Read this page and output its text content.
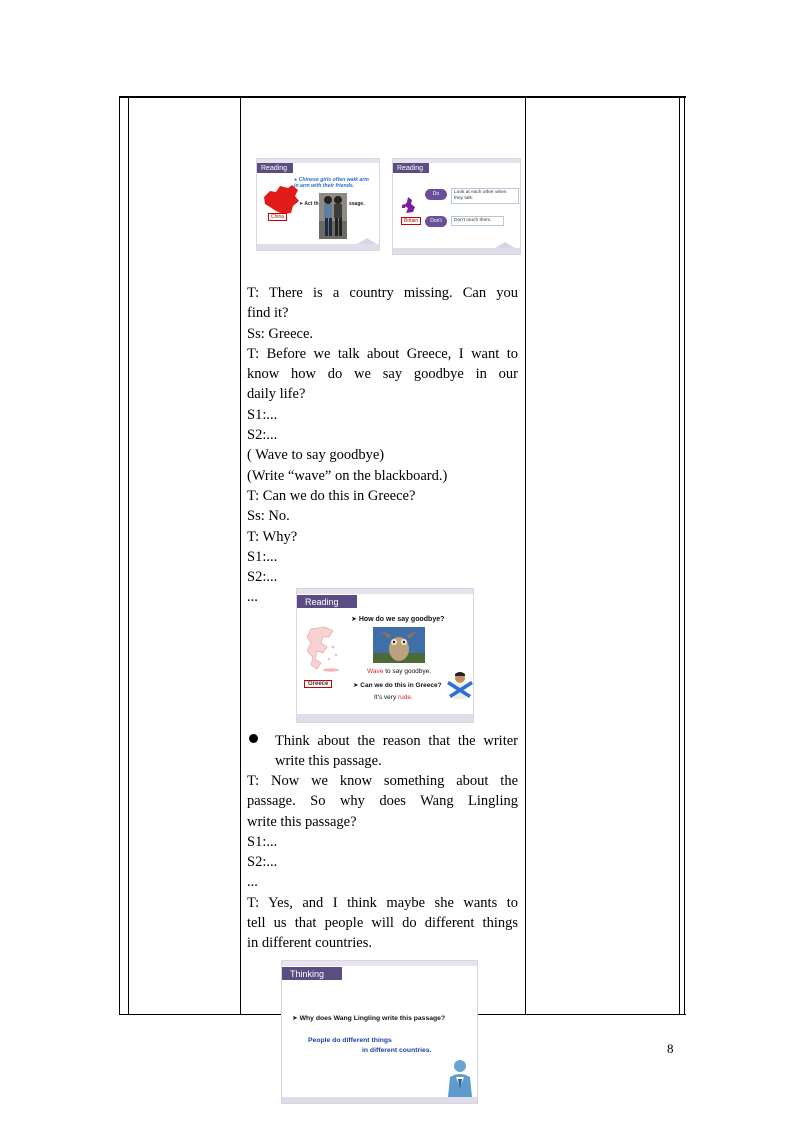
Reading
China
● Chinese girls often walk arm
in arm with their friends.
➤ Act th	ssage.
Reading
Britain
Do	Look at each other when they talk.
Don't	Don't touch them.

T: There is a country missing. Can you

find it?

Ss: Greece.

T: Before we talk about Greece, I want to

know how do we say goodbye in our

daily life?

S1:...

S2:...

( Wave to say goodbye)

(Write “wave” on the blackboard.)

T: Can we do this in Greece?

Ss: No.

T: Why?

S1:...

S2:...

...	Reading
➤ How do we say goodbye?
Greece
Wave to say goodbye.
➤ Can we do this in Greece?
It's very rude.

Think about the reason that the writer

write this passage.

T: Now we know something about the

passage. So why does Wang Lingling

write this passage?

S1:...

S2:...

...

T: Yes, and I think maybe she wants to

tell us that people will do different things

in different countries.

Thinking
➤ Why does Wang Lingling write this passage?
People do different things
in different countries.	8
